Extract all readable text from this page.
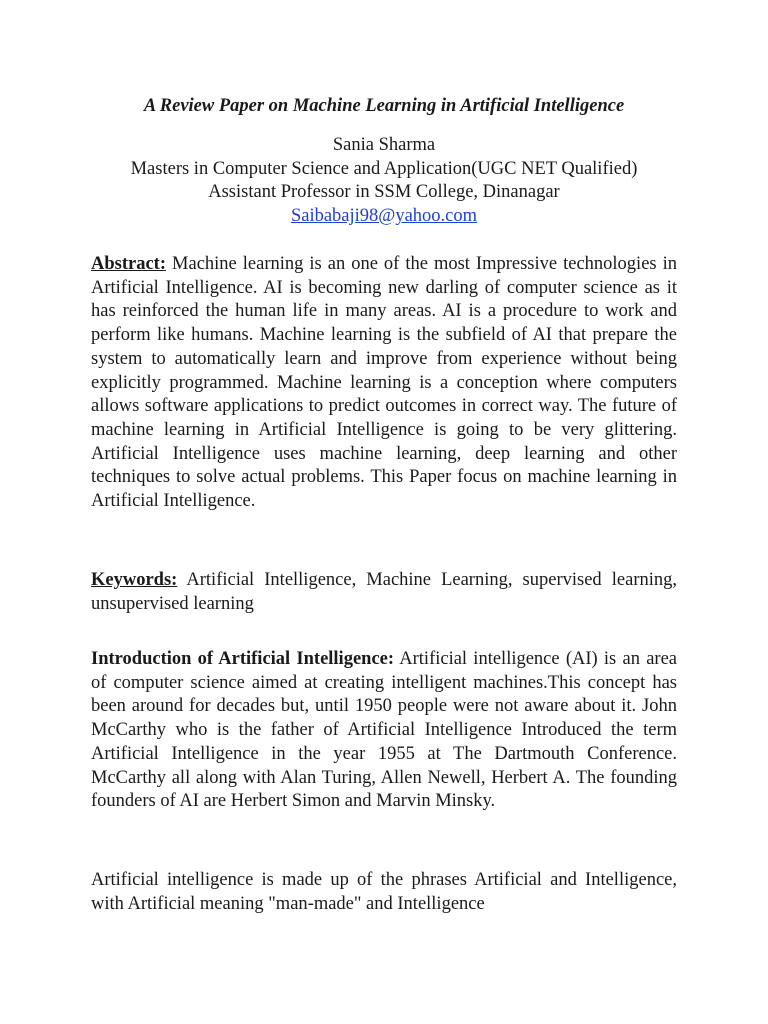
A Review Paper on Machine Learning in Artificial Intelligence
Sania Sharma
Masters in Computer Science and Application(UGC NET Qualified)
Assistant Professor in SSM College, Dinanagar
Saibabaji98@yahoo.com

Abstract: Machine learning is an one of the most Impressive technologies in Artificial Intelligence. AI is becoming new darling of computer science as it has reinforced the human life in many areas. AI is a procedure to work and perform like humans. Machine learning is the subfield of AI that prepare the system to automatically learn and improve from experience without being explicitly programmed. Machine learning is a conception where computers allows software applications to predict outcomes in correct way. The future of machine learning in Artificial Intelligence is going to be very glittering. Artificial Intelligence uses machine learning, deep learning and other techniques to solve actual problems. This Paper focus on machine learning in Artificial Intelligence.

Keywords: Artificial Intelligence, Machine Learning, supervised learning, unsupervised learning

Introduction of Artificial Intelligence: Artificial intelligence (AI) is an area of computer science aimed at creating intelligent machines.This concept has been around for decades but, until 1950 people were not aware about it. John McCarthy who is the father of Artificial Intelligence Introduced the term Artificial Intelligence in the year 1955 at The Dartmouth Conference. McCarthy all along with Alan Turing, Allen Newell, Herbert A. The founding founders of AI are Herbert Simon and Marvin Minsky.

Artificial intelligence is made up of the phrases Artificial and Intelligence, with Artificial meaning "man-made" and Intelligence
